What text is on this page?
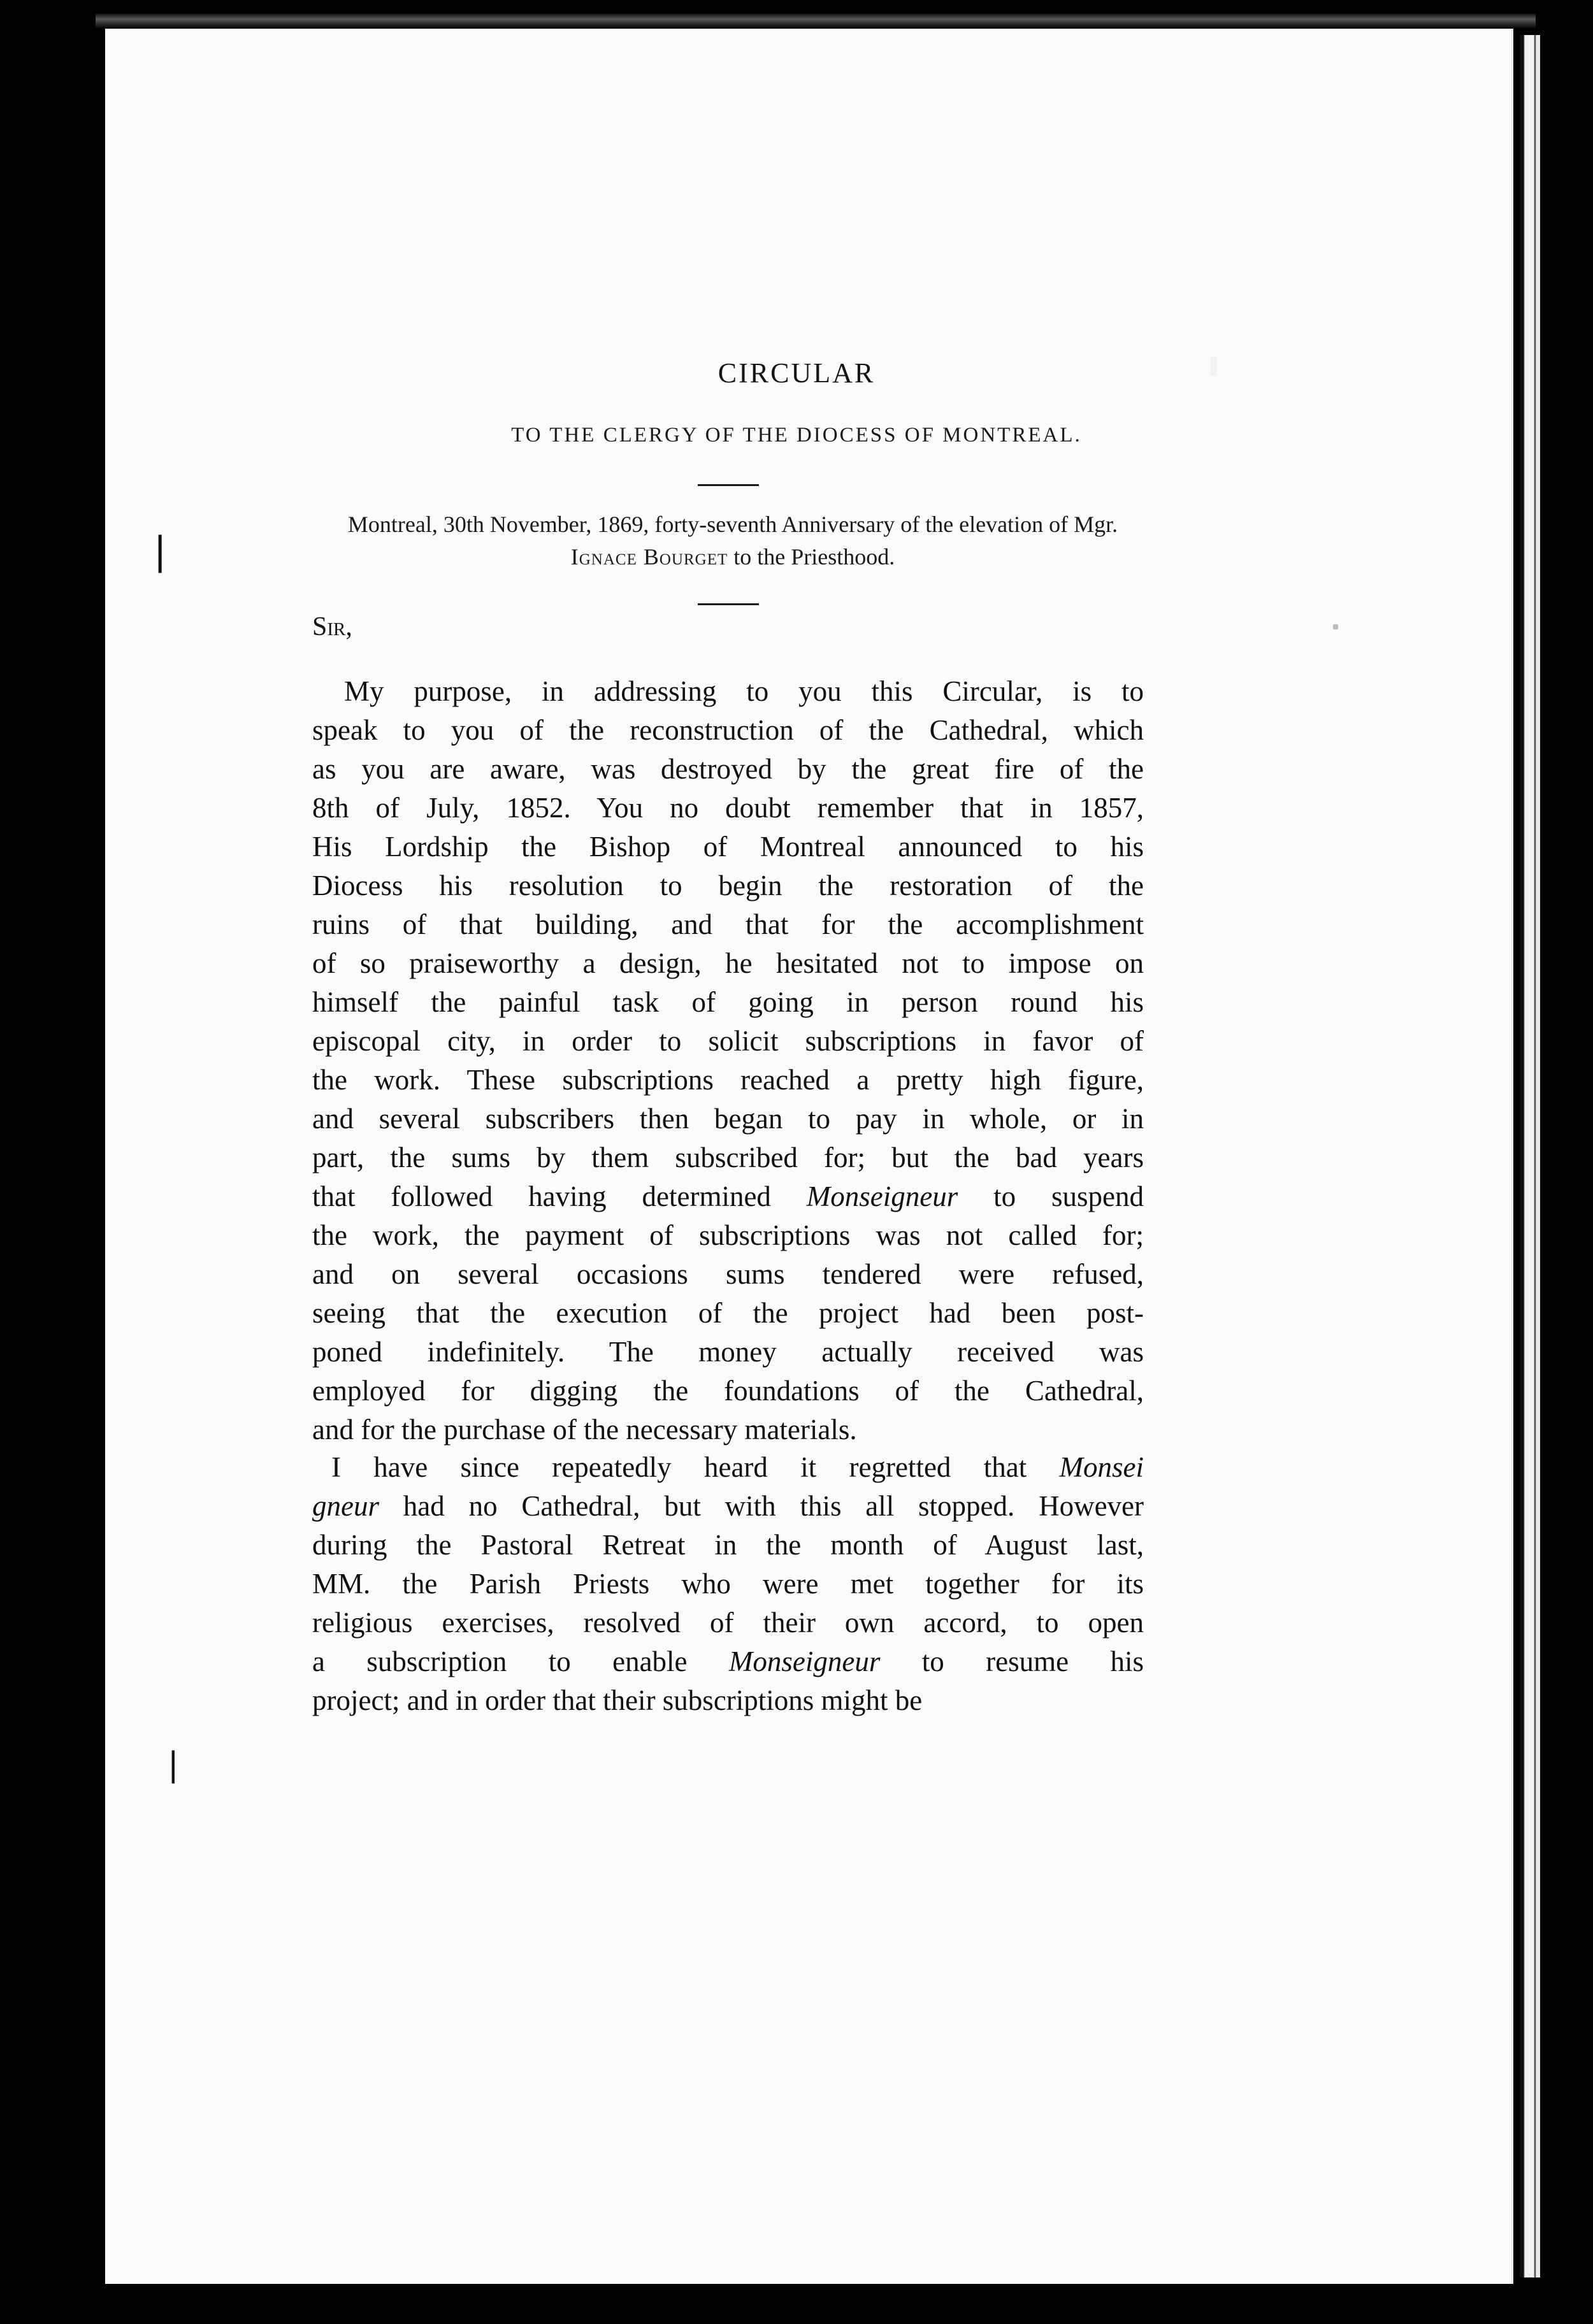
❘
❘
CIRCULAR

TO THE CLERGY OF THE DIOCESS OF MONTREAL.

Montreal, 30th November, 1869, forty-seventh Anniversary of the elevation of Mgr. Ignace Bourget to the Priesthood.

Sir,

My purpose, in addressing to you this Circular, is to
speak to you of the reconstruction of the Cathedral, which
as you are aware, was destroyed by the great fire of the
8th of July, 1852. You no doubt remember that in 1857,
His Lordship the Bishop of Montreal announced to his
Diocess his resolution to begin the restoration of the
ruins of that building, and that for the accomplishment
of so praiseworthy a design, he hesitated not to impose on
himself the painful task of going in person round his
episcopal city, in order to solicit subscriptions in favor of
the work. These subscriptions reached a pretty high figure,
and several subscribers then began to pay in whole, or in
part, the sums by them subscribed for; but the bad years
that followed having determined Monseigneur to suspend
the work, the payment of subscriptions was not called for;
and on several occasions sums tendered were refused,
seeing that the execution of the project had been post-
poned indefinitely. The money actually received was
employed for digging the foundations of the Cathedral,
and for the purchase of the necessary materials.
I have since repeatedly heard it regretted that Monsei
gneur had no Cathedral, but with this all stopped. However
during the Pastoral Retreat in the month of August last,
MM. the Parish Priests who were met together for its
religious exercises, resolved of their own accord, to open
a subscription to enable Monseigneur to resume his
project; and in order that their subscriptions might be
